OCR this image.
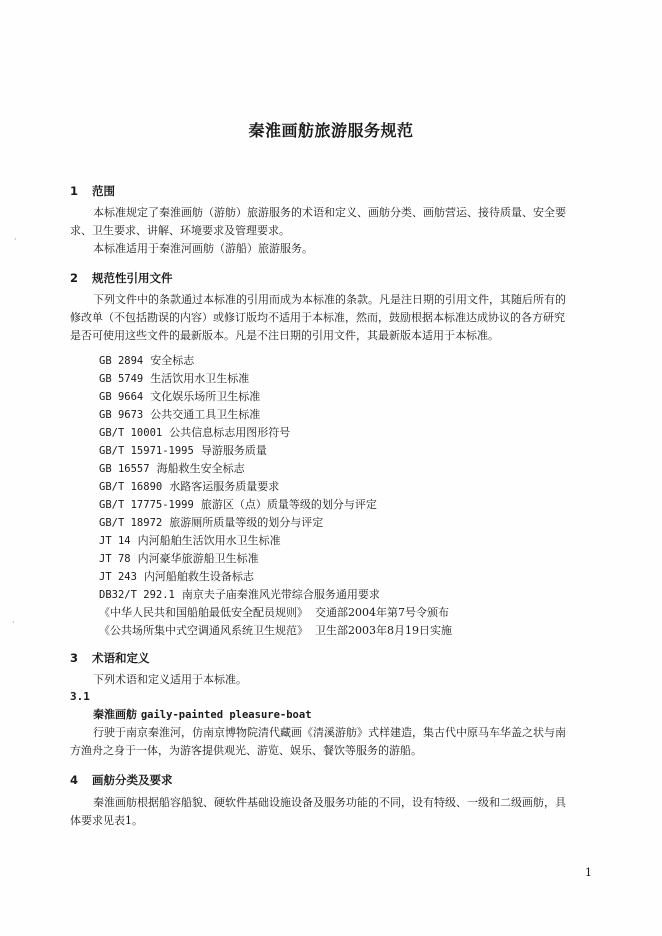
秦淮画舫旅游服务规范
1 范围
本标准规定了秦淮画舫（游舫）旅游服务的术语和定义、画舫分类、画舫营运、接待质量、安全要
求、卫生要求、讲解、环境要求及管理要求。
本标准适用于秦淮河画舫（游船）旅游服务。
2 规范性引用文件
下列文件中的条款通过本标准的引用而成为本标准的条款。凡是注日期的引用文件，其随后所有的
修改单（不包括勘误的内容）或修订版均不适用于本标准，然而，鼓励根据本标准达成协议的各方研究
是否可使用这些文件的最新版本。凡是不注日期的引用文件，其最新版本适用于本标准。
GB 2894 安全标志
GB 5749 生活饮用水卫生标准
GB 9664 文化娱乐场所卫生标准
GB 9673 公共交通工具卫生标准
GB/T 10001 公共信息标志用图形符号
GB/T 15971-1995 导游服务质量
GB 16557 海船救生安全标志
GB/T 16890 水路客运服务质量要求
GB/T 17775-1999 旅游区（点）质量等级的划分与评定
GB/T 18972 旅游厕所质量等级的划分与评定
JT 14 内河船舶生活饮用水卫生标准
JT 78 内河豪华旅游船卫生标准
JT 243 内河船舶救生设备标志
DB32/T 292.1 南京夫子庙秦淮风光带综合服务通用要求
《中华人民共和国船舶最低安全配员规则》 交通部2004年第7号令颁布
《公共场所集中式空调通风系统卫生规范》 卫生部2003年8月19日实施
3 术语和定义
下列术语和定义适用于本标准。
3.1
秦淮画舫 gaily-painted pleasure-boat
行驶于南京秦淮河，仿南京博物院清代藏画《清溪游舫》式样建造，集古代中原马车华盖之状与南
方渔舟之身于一体，为游客提供观光、游览、娱乐、餐饮等服务的游船。
4 画舫分类及要求
秦淮画舫根据船容船貌、硬软件基础设施设备及服务功能的不同，设有特级、一级和二级画舫，具
体要求见表1。
1
·
·
